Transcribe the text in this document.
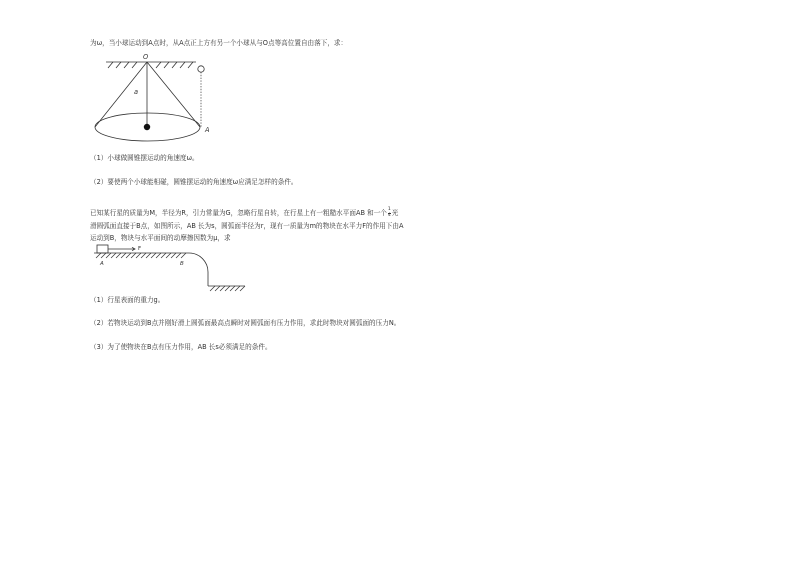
为ω，当小球运动到A点时，从A点正上方有另一个小球从与O点等高位置自由落下，求：
O
a
A
（1）小球做圆锥摆运动的角速度ω。
（2）要使两个小球能相碰，圆锥摆运动的角速度ω应满足怎样的条件。
已知某行星的质量为M，半径为R，引力常量为G，忽略行星自转，在行星上有一粗糙水平面AB 和一个 $\frac{1}{4}$ 光
滑圆弧面直接于B点，如图所示，AB 长为s，圆弧面半径为r，现有一质量为m的物块在水平力F的作用下由A
运动到B，物块与水平面间的动摩擦因数为μ，求
F
A	B
（1）行星表面的重力g。
（2）若物块运动到B点并刚好滑上圆弧面最高点瞬时对圆弧面有压力作用，求此时物块对圆弧面的压力N。
（3）为了使物块在B点有压力作用，AB 长s必须满足的条件。
